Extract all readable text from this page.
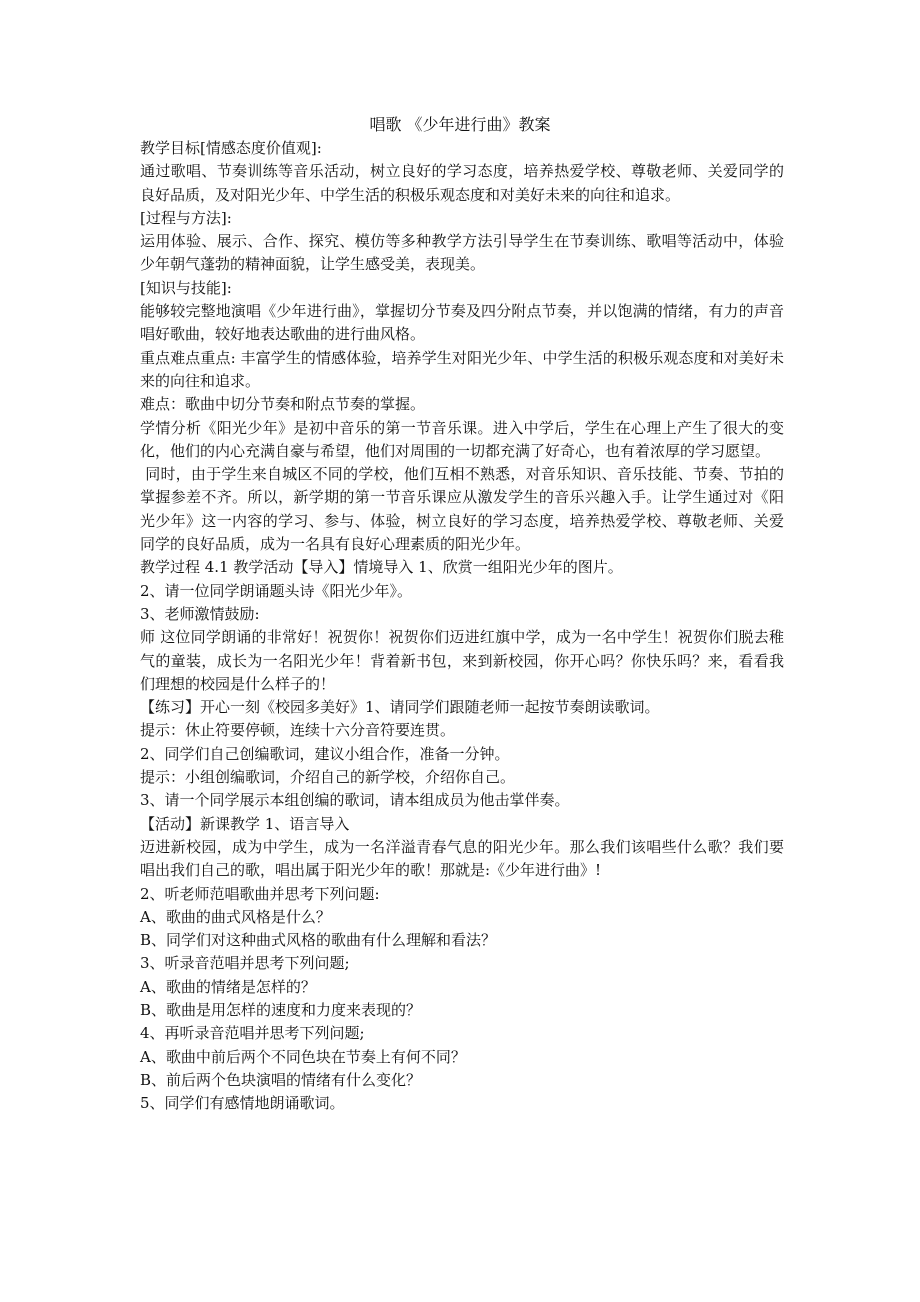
唱歌 《少年进行曲》教案

教学目标[情感态度价值观]:

通过歌唱、节奏训练等音乐活动，树立良好的学习态度，培养热爱学校、尊敬老师、关爱同学的良好品质，及对阳光少年、中学生活的积极乐观态度和对美好未来的向往和追求。

[过程与方法]:

运用体验、展示、合作、探究、模仿等多种教学方法引导学生在节奏训练、歌唱等活动中，体验少年朝气蓬勃的精神面貌，让学生感受美，表现美。

[知识与技能]:

能够较完整地演唱《少年进行曲》，掌握切分节奏及四分附点节奏，并以饱满的情绪，有力的声音唱好歌曲，较好地表达歌曲的进行曲风格。

重点难点重点: 丰富学生的情感体验，培养学生对阳光少年、中学生活的积极乐观态度和对美好未来的向往和追求。

难点：歌曲中切分节奏和附点节奏的掌握。

学情分析《阳光少年》是初中音乐的第一节音乐课。进入中学后，学生在心理上产生了很大的变化，他们的内心充满自豪与希望，他们对周围的一切都充满了好奇心，也有着浓厚的学习愿望。

同时，由于学生来自城区不同的学校，他们互相不熟悉，对音乐知识、音乐技能、节奏、节拍的掌握参差不齐。所以，新学期的第一节音乐课应从激发学生的音乐兴趣入手。让学生通过对《阳光少年》这一内容的学习、参与、体验，树立良好的学习态度，培养热爱学校、尊敬老师、关爱同学的良好品质，成为一名具有良好心理素质的阳光少年。

教学过程 4.1 教学活动【导入】情境导入 1、欣赏一组阳光少年的图片。

2、请一位同学朗诵题头诗《阳光少年》。

3、老师激情鼓励:

师 这位同学朗诵的非常好！祝贺你！祝贺你们迈进红旗中学，成为一名中学生！祝贺你们脱去稚气的童装，成长为一名阳光少年！背着新书包，来到新校园，你开心吗？你快乐吗？来，看看我们理想的校园是什么样子的！

【练习】开心一刻《校园多美好》1、请同学们跟随老师一起按节奏朗读歌词。

提示：休止符要停顿，连续十六分音符要连贯。

2、同学们自己创编歌词，建议小组合作，准备一分钟。

提示：小组创编歌词，介绍自己的新学校，介绍你自己。

3、请一个同学展示本组创编的歌词，请本组成员为他击掌伴奏。

【活动】新课教学 1、语言导入

迈进新校园，成为中学生，成为一名洋溢青春气息的阳光少年。那么我们该唱些什么歌？我们要唱出我们自己的歌，唱出属于阳光少年的歌！那就是:《少年进行曲》!

2、听老师范唱歌曲并思考下列问题:

A、歌曲的曲式风格是什么？

B、同学们对这种曲式风格的歌曲有什么理解和看法？

3、听录音范唱并思考下列问题;

A、歌曲的情绪是怎样的？

B、歌曲是用怎样的速度和力度来表现的？

4、再听录音范唱并思考下列问题;

A、歌曲中前后两个不同色块在节奏上有何不同？

B、前后两个色块演唱的情绪有什么变化？

5、同学们有感情地朗诵歌词。
